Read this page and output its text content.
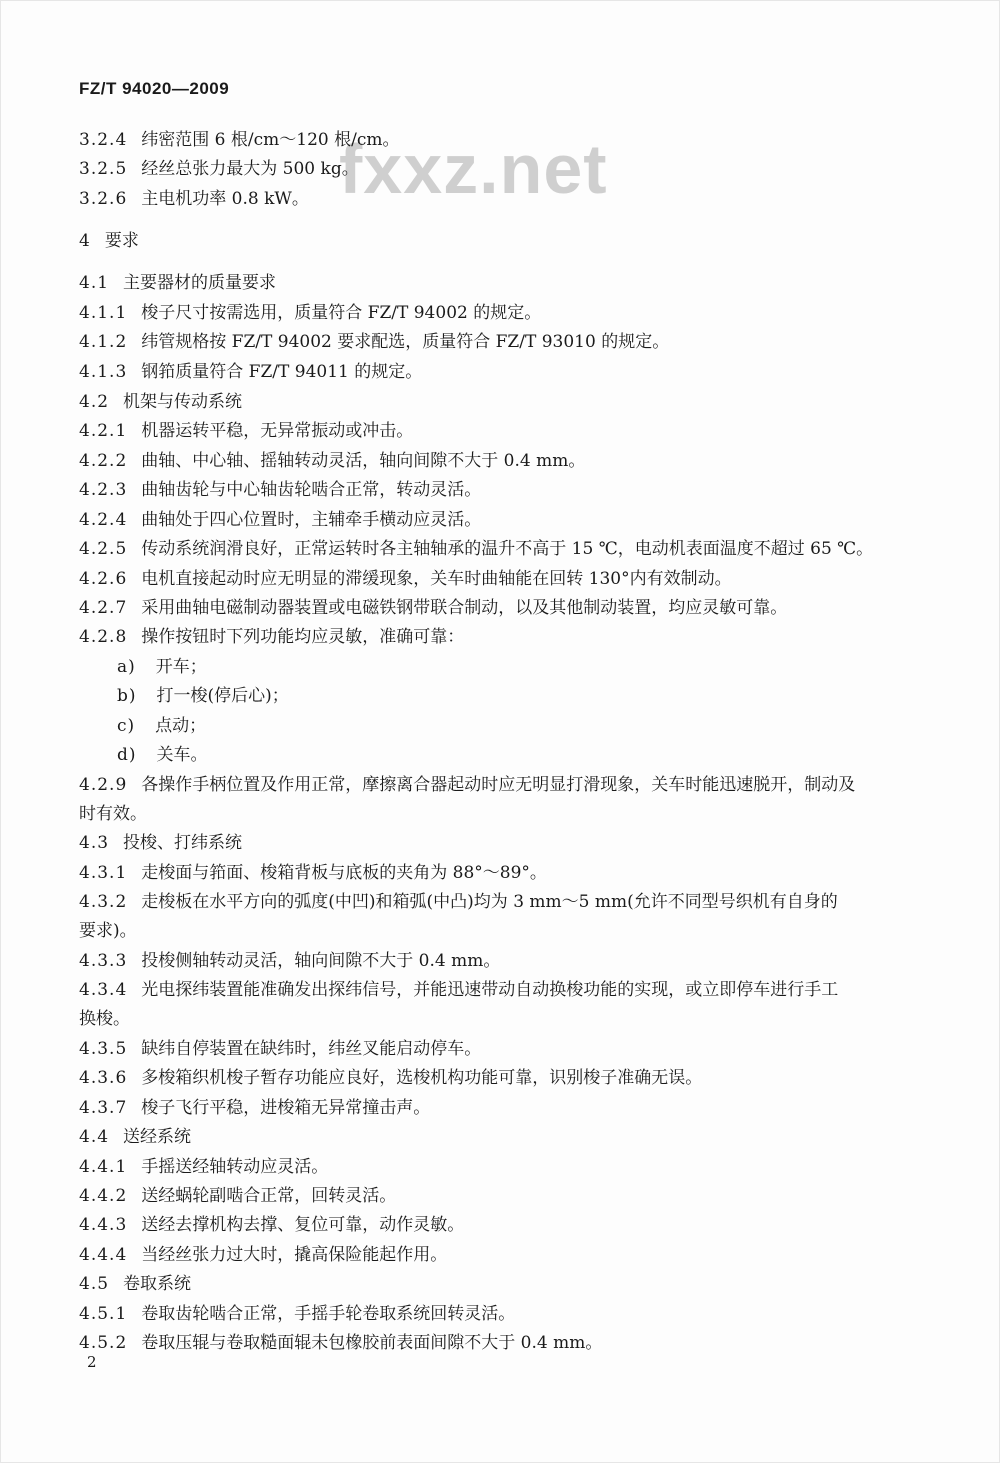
FZ/T 94020—2009
fxxz.net
3.2.4 纬密范围 6 根/cm～120 根/cm。
3.2.5 经丝总张力最大为 500 kg。
3.2.6 主电机功率 0.8 kW。
4 要求
4.1 主要器材的质量要求
4.1.1 梭子尺寸按需选用，质量符合 FZ/T 94002 的规定。
4.1.2 纬管规格按 FZ/T 94002 要求配选，质量符合 FZ/T 93010 的规定。
4.1.3 钢筘质量符合 FZ/T 94011 的规定。
4.2 机架与传动系统
4.2.1 机器运转平稳，无异常振动或冲击。
4.2.2 曲轴、中心轴、摇轴转动灵活，轴向间隙不大于 0.4 mm。
4.2.3 曲轴齿轮与中心轴齿轮啮合正常，转动灵活。
4.2.4 曲轴处于四心位置时，主辅牵手横动应灵活。
4.2.5 传动系统润滑良好，正常运转时各主轴轴承的温升不高于 15 ℃，电动机表面温度不超过 65 ℃。
4.2.6 电机直接起动时应无明显的滞缓现象，关车时曲轴能在回转 130°内有效制动。
4.2.7 采用曲轴电磁制动器装置或电磁铁钢带联合制动，以及其他制动装置，均应灵敏可靠。
4.2.8 操作按钮时下列功能均应灵敏，准确可靠：
a) 开车；
b) 打一梭(停后心)；
c) 点动；
d) 关车。
4.2.9 各操作手柄位置及作用正常，摩擦离合器起动时应无明显打滑现象，关车时能迅速脱开，制动及
时有效。
4.3 投梭、打纬系统
4.3.1 走梭面与筘面、梭箱背板与底板的夹角为 88°～89°。
4.3.2 走梭板在水平方向的弧度(中凹)和箱弧(中凸)均为 3 mm～5 mm(允许不同型号织机有自身的
要求)。
4.3.3 投梭侧轴转动灵活，轴向间隙不大于 0.4 mm。
4.3.4 光电探纬装置能准确发出探纬信号，并能迅速带动自动换梭功能的实现，或立即停车进行手工
换梭。
4.3.5 缺纬自停装置在缺纬时，纬丝叉能启动停车。
4.3.6 多梭箱织机梭子暂存功能应良好，选梭机构功能可靠，识别梭子准确无误。
4.3.7 梭子飞行平稳，进梭箱无异常撞击声。
4.4 送经系统
4.4.1 手摇送经轴转动应灵活。
4.4.2 送经蜗轮副啮合正常，回转灵活。
4.4.3 送经去撑机构去撑、复位可靠，动作灵敏。
4.4.4 当经丝张力过大时，撬高保险能起作用。
4.5 卷取系统
4.5.1 卷取齿轮啮合正常，手摇手轮卷取系统回转灵活。
4.5.2 卷取压辊与卷取糙面辊未包橡胶前表面间隙不大于 0.4 mm。
2
